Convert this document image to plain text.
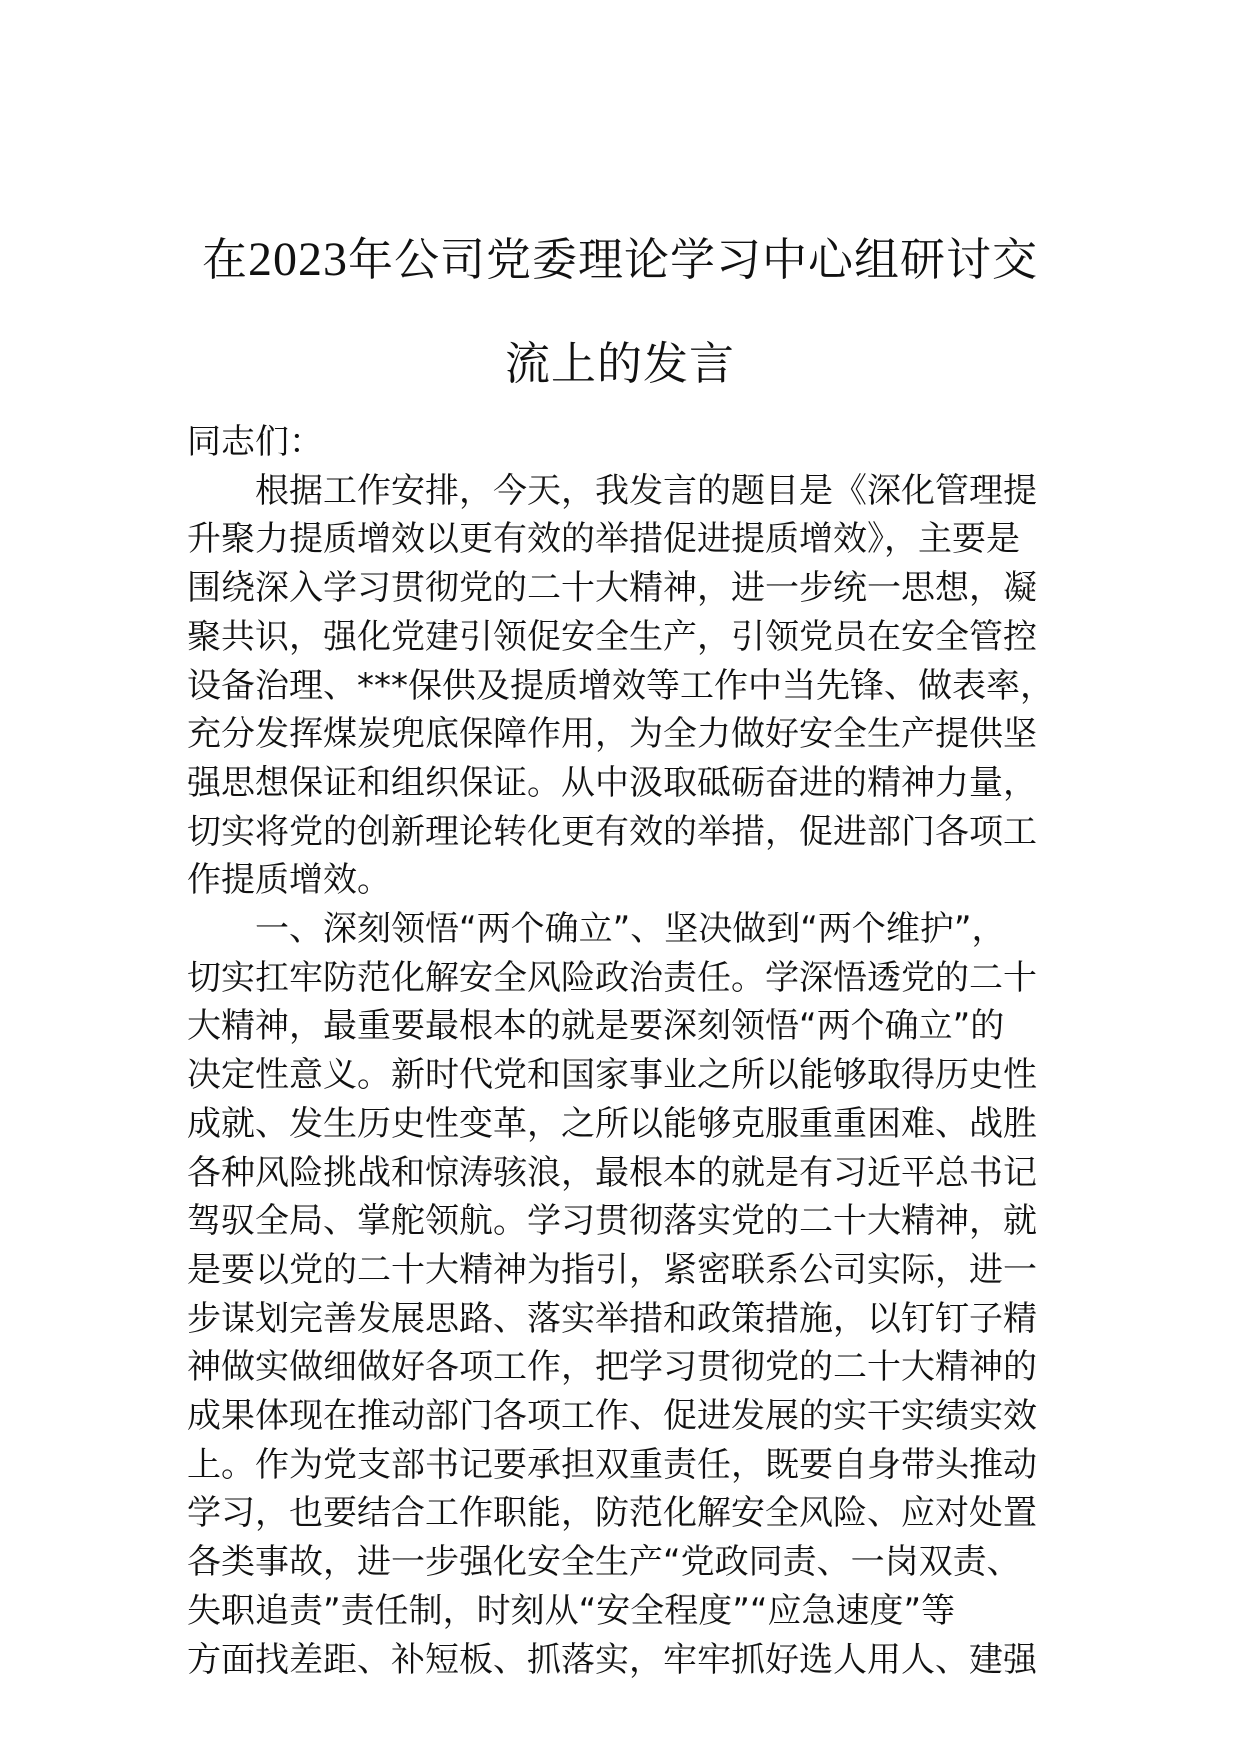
在2023年公司党委理论学习中心组研讨交
流上的发言

同志们：

根据工作安排，今天，我发言的题目是《深化管理提
升聚力提质增效以更有效的举措促进提质增效》，主要是
围绕深入学习贯彻党的二十大精神，进一步统一思想，凝
聚共识，强化党建引领促安全生产，引领党员在安全管控
设备治理、***保供及提质增效等工作中当先锋、做表率，
充分发挥煤炭兜底保障作用，为全力做好安全生产提供坚
强思想保证和组织保证。从中汲取砥砺奋进的精神力量，
切实将党的创新理论转化更有效的举措，促进部门各项工
作提质增效。

一、深刻领悟“两个确立”、坚决做到“两个维护”，
切实扛牢防范化解安全风险政治责任。学深悟透党的二十
大精神，最重要最根本的就是要深刻领悟“两个确立”的
决定性意义。新时代党和国家事业之所以能够取得历史性
成就、发生历史性变革，之所以能够克服重重困难、战胜
各种风险挑战和惊涛骇浪，最根本的就是有习近平总书记
驾驭全局、掌舵领航。学习贯彻落实党的二十大精神，就
是要以党的二十大精神为指引，紧密联系公司实际，进一
步谋划完善发展思路、落实举措和政策措施，以钉钉子精
神做实做细做好各项工作，把学习贯彻党的二十大精神的
成果体现在推动部门各项工作、促进发展的实干实绩实效
上。作为党支部书记要承担双重责任，既要自身带头推动
学习，也要结合工作职能，防范化解安全风险、应对处置
各类事故，进一步强化安全生产“党政同责、一岗双责、
失职追责”责任制，时刻从“安全程度”“应急速度”等
方面找差距、补短板、抓落实，牢牢抓好选人用人、建强
